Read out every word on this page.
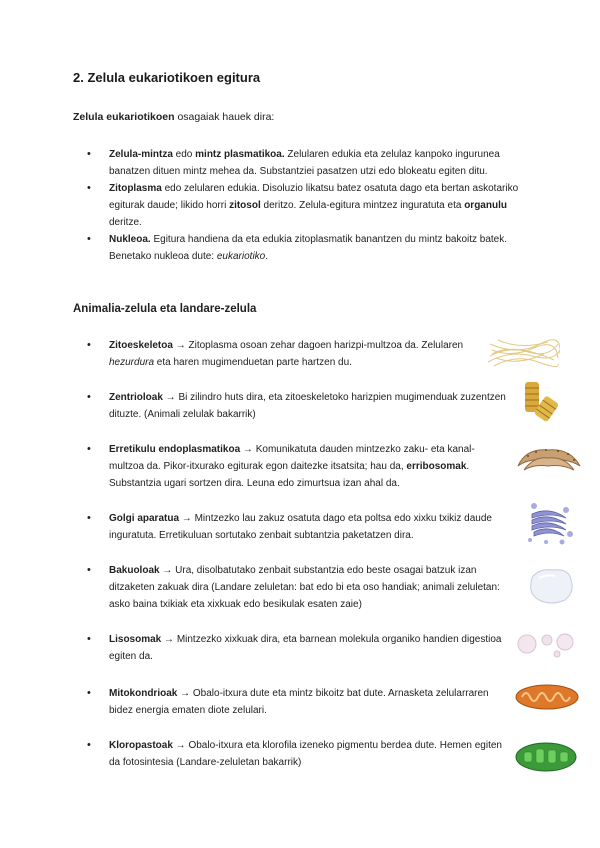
2. Zelula eukariotikoen egitura

Zelula eukariotikoen osagaiak hauek dira:

• Zelula-mintza edo mintz plasmatikoa. Zelularen edukia eta zelulaz kanpoko ingurunea banatzen dituen mintz mehea da. Substantziei pasatzen utzi edo blokeatu egiten ditu.
• Zitoplasma edo zelularen edukia. Disoluzio likatsu batez osatuta dago eta bertan askotariko egiturak daude; likido horri zitosol deritzo. Zelula-egitura mintzez inguratuta eta organulu deritze.
• Nukleoa. Egitura handiena da eta edukia zitoplasmatik banantzen du mintz bakoitz batek. Benetako nukleoa dute: eukariotiko.
Animalia-zelula eta landare-zelula
• Zitoeskeletoa → Zitoplasma osoan zehar dagoen harizpi-multzoa da. Zelularen hezurdura eta haren mugimenduetan parte hartzen du.
• Zentrioloak → Bi zilindro huts dira, eta zitoeskeletoko harizpien mugimenduak zuzentzen dituzte. (Animali zelulak bakarrik)
• Erretikulu endoplasmatikoa → Komunikatuta dauden mintzezko zaku- eta kanal-multzoa da. Pikor-itxurako egiturak egon daitezke itsatsita; hau da, erribosomak. Substantzia ugari sortzen dira. Leuna edo zimurtsua izan ahal da.
• Golgi aparatua → Mintzezko lau zakuz osatuta dago eta poltsa edo xixku txikiz daude inguratuta. Erretikuluan sortutako zenbait subtantzia paketatzen dira.
• Bakuoloak → Ura, disolbatutako zenbait substantzia edo beste osagai batzuk izan ditzaketen zakuak dira (Landare zeluletan: bat edo bi eta oso handiak; animali zeluletan: asko baina txikiak eta xixkuak edo besikulak esaten zaie)
• Lisosomak → Mintzezko xixkuak dira, eta barnean molekula organiko handien digestioa egiten da.
• Mitokondrioak → Obalo-itxura dute eta mintz bikoitz bat dute. Arnasketa zelularraren bidez energia ematen diote zelulari.
• Kloropastoak → Obalo-itxura eta klorofila izeneko pigmentu berdea dute. Hemen egiten da fotosintesia (Landare-zeluletan bakarrik)
